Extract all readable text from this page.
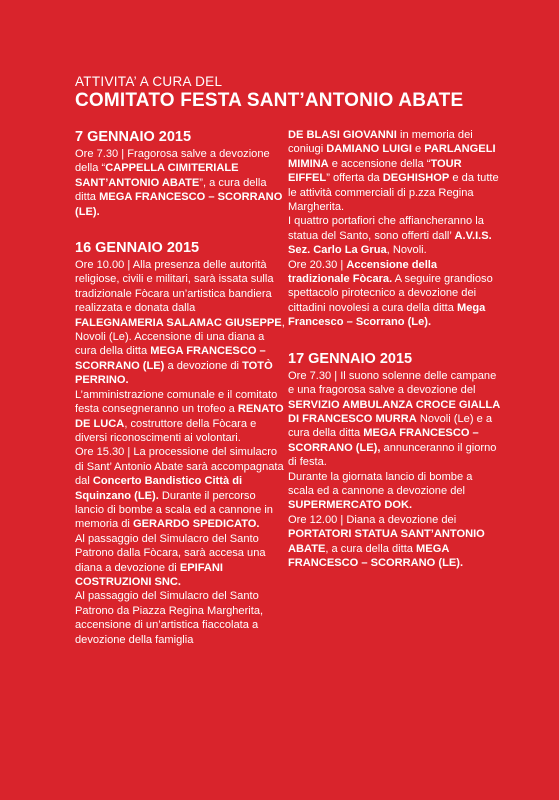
ATTIVITA’ A CURA DEL
COMITATO FESTA SANT’ANTONIO ABATE
7 GENNAIO 2015

Ore 7.30 | Fragorosa salve a devozione della “CAPPELLA CIMITERIALE SANT’ANTONIO ABATE”, a cura della ditta MEGA FRANCESCO – SCORRANO (LE).

16 GENNAIO 2015

Ore 10.00 | Alla presenza delle autorità religiose, civili e militari, sarà issata sulla tradizionale Fòcara un’artistica bandiera realizzata e donata dalla FALEGNAMERIA SALAMAC GIUSEPPE, Novoli (Le). Accensione di una diana a cura della ditta MEGA FRANCESCO – SCORRANO (LE) a devozione di TOTÒ PERRINO.

L’amministrazione comunale e il comitato festa consegneranno un trofeo a RENATO DE LUCA, costruttore della Fòcara e diversi riconoscimenti ai volontari.

Ore 15.30 | La processione del simulacro di Sant’ Antonio Abate sarà accompagnata dal Concerto Bandistico Città di Squinzano (LE). Durante il percorso lancio di bombe a scala ed a cannone in memoria di GERARDO SPEDICATO.

Al passaggio del Simulacro del Santo Patrono dalla Fòcara, sarà accesa una diana a devozione di EPIFANI COSTRUZIONI SNC.

Al passaggio del Simulacro del Santo Patrono da Piazza Regina Margherita, accensione di un’artistica fiaccolata a devozione della famiglia

DE BLASI GIOVANNI in memoria dei coniugi DAMIANO LUIGI e PARLANGELI MIMINA e accensione della “TOUR EIFFEL” offerta da DEGHISHOP e da tutte le attività commerciali di p.zza Regina Margherita.

I quattro portafiori che affiancheranno la statua del Santo, sono offerti dall’ A.V.I.S. Sez. Carlo La Grua, Novoli.

Ore 20.30 | Accensione della tradizionale Fòcara. A seguire grandioso spettacolo pirotecnico a devozione dei cittadini novolesi a cura della ditta Mega Francesco – Scorrano (Le).

17 GENNAIO 2015

Ore 7.30 | Il suono solenne delle campane e una fragorosa salve a devozione del SERVIZIO AMBULANZA CROCE GIALLA DI FRANCESCO MURRA Novoli (Le) e a cura della ditta MEGA FRANCESCO – SCORRANO (LE), annunceranno il giorno di festa.

Durante la giornata lancio di bombe a scala ed a cannone a devozione del SUPERMERCATO DOK.

Ore 12.00 | Diana a devozione dei PORTATORI STATUA SANT’ANTONIO ABATE, a cura della ditta MEGA FRANCESCO – SCORRANO (LE).
